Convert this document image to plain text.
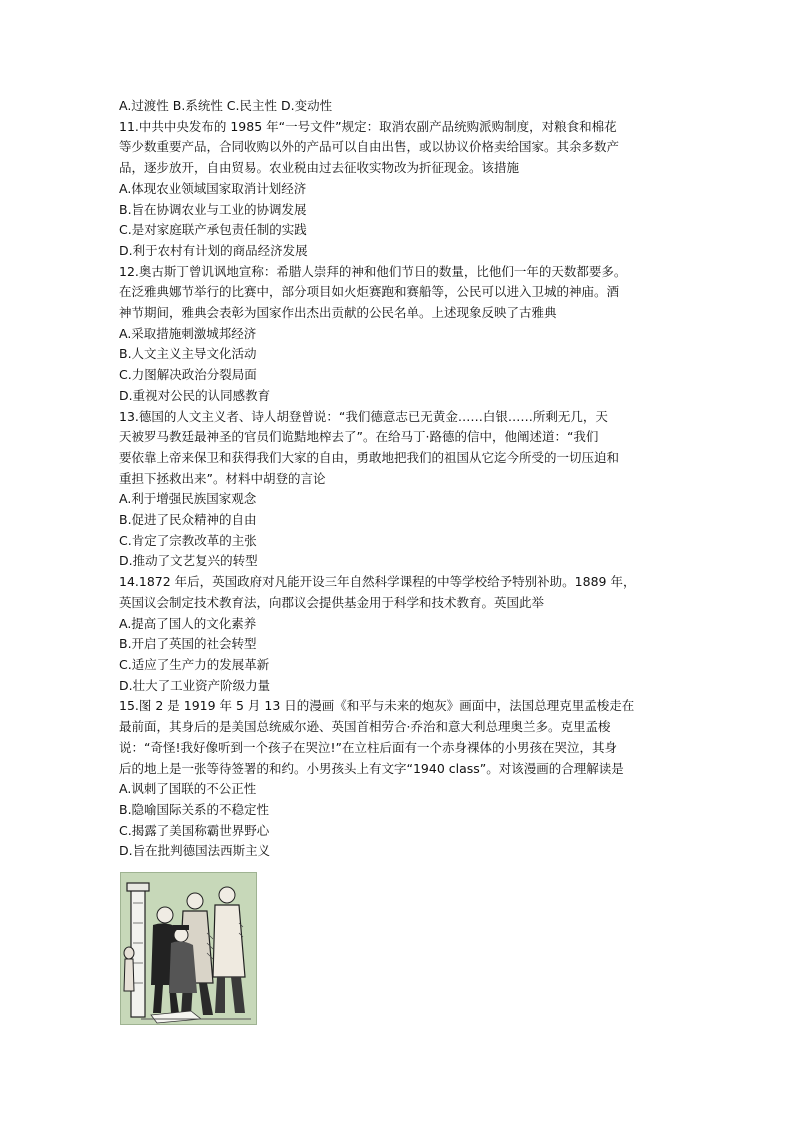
A.过渡性 B.系统性 C.民主性 D.变动性
11.中共中央发布的 1985 年“一号文件”规定：取消农副产品统购派购制度，对粮食和棉花
等少数重要产品，合同收购以外的产品可以自由出售，或以协议价格卖给国家。其余多数产
品，逐步放开，自由贸易。农业税由过去征收实物改为折征现金。该措施
A.体现农业领域国家取消计划经济
B.旨在协调农业与工业的协调发展
C.是对家庭联产承包责任制的实践
D.利于农村有计划的商品经济发展
12.奥古斯丁曾讥讽地宣称：希腊人崇拜的神和他们节日的数量，比他们一年的天数都要多。
在泛雅典娜节举行的比赛中，部分项目如火炬赛跑和赛船等，公民可以进入卫城的神庙。酒
神节期间，雅典会表彰为国家作出杰出贡献的公民名单。上述现象反映了古雅典
A.采取措施刺激城邦经济
B.人文主义主导文化活动
C.力图解决政治分裂局面
D.重视对公民的认同感教育
13.德国的人文主义者、诗人胡登曾说：“我们德意志已无黄金……白银……所剩无几，天
天被罗马教廷最神圣的官员们诡黠地榨去了”。在给马丁·路德的信中，他阐述道：“我们
要依靠上帝来保卫和获得我们大家的自由，勇敢地把我们的祖国从它迄今所受的一切压迫和
重担下拯救出来”。材料中胡登的言论
A.利于增强民族国家观念
B.促进了民众精神的自由
C.肯定了宗教改革的主张
D.推动了文艺复兴的转型
14.1872 年后，英国政府对凡能开设三年自然科学课程的中等学校给予特别补助。1889 年，
英国议会制定技术教育法，向郡议会提供基金用于科学和技术教育。英国此举
A.提高了国人的文化素养
B.开启了英国的社会转型
C.适应了生产力的发展革新
D.壮大了工业资产阶级力量
15.图 2 是 1919 年 5 月 13 日的漫画《和平与未来的炮灰》画面中，法国总理克里孟梭走在
最前面，其身后的是美国总统威尔逊、英国首相劳合·乔治和意大利总理奥兰多。克里孟梭
说：“奇怪!我好像听到一个孩子在哭泣!”在立柱后面有一个赤身裸体的小男孩在哭泣，其身
后的地上是一张等待签署的和约。小男孩头上有文字“1940 class”。对该漫画的合理解读是
A.讽刺了国联的不公正性
B.隐喻国际关系的不稳定性
C.揭露了美国称霸世界野心
D.旨在批判德国法西斯主义
